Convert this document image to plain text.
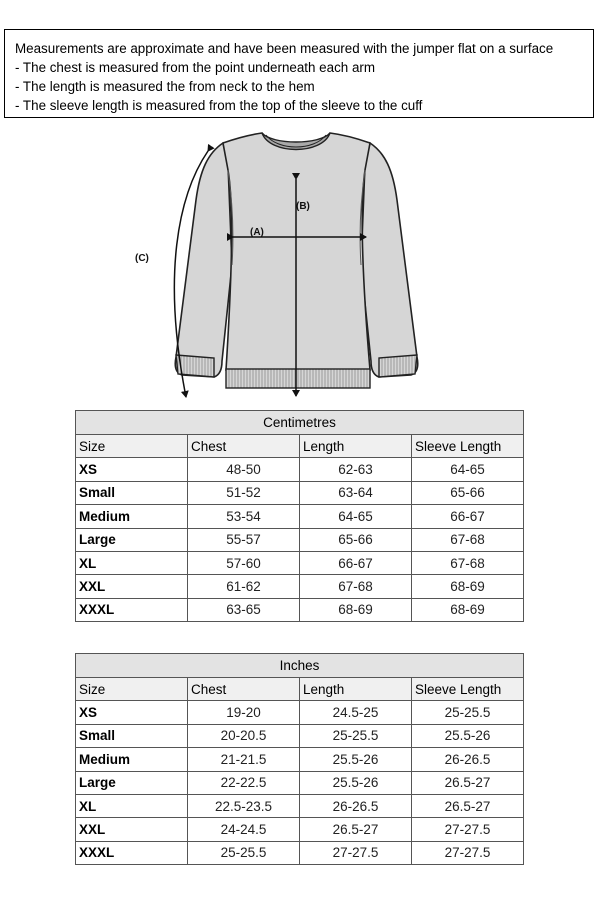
Measurements are approximate and have been measured with the jumper flat on a surface
- The chest is measured from the point underneath each arm
- The length is measured the from neck to the hem
- The sleeve length is measured from the top of the sleeve to the cuff
(A)
(B)
(C)
Centimetres			
Size	Chest	Length	Sleeve Length
XS	48-50	62-63	64-65
Small	51-52	63-64	65-66
Medium	53-54	64-65	66-67
Large	55-57	65-66	67-68
XL	57-60	66-67	67-68
XXL	61-62	67-68	68-69
XXXL	63-65	68-69	68-69
Inches			
Size	Chest	Length	Sleeve Length
XS	19-20	24.5-25	25-25.5
Small	20-20.5	25-25.5	25.5-26
Medium	21-21.5	25.5-26	26-26.5
Large	22-22.5	25.5-26	26.5-27
XL	22.5-23.5	26-26.5	26.5-27
XXL	24-24.5	26.5-27	27-27.5
XXXL	25-25.5	27-27.5	27-27.5
